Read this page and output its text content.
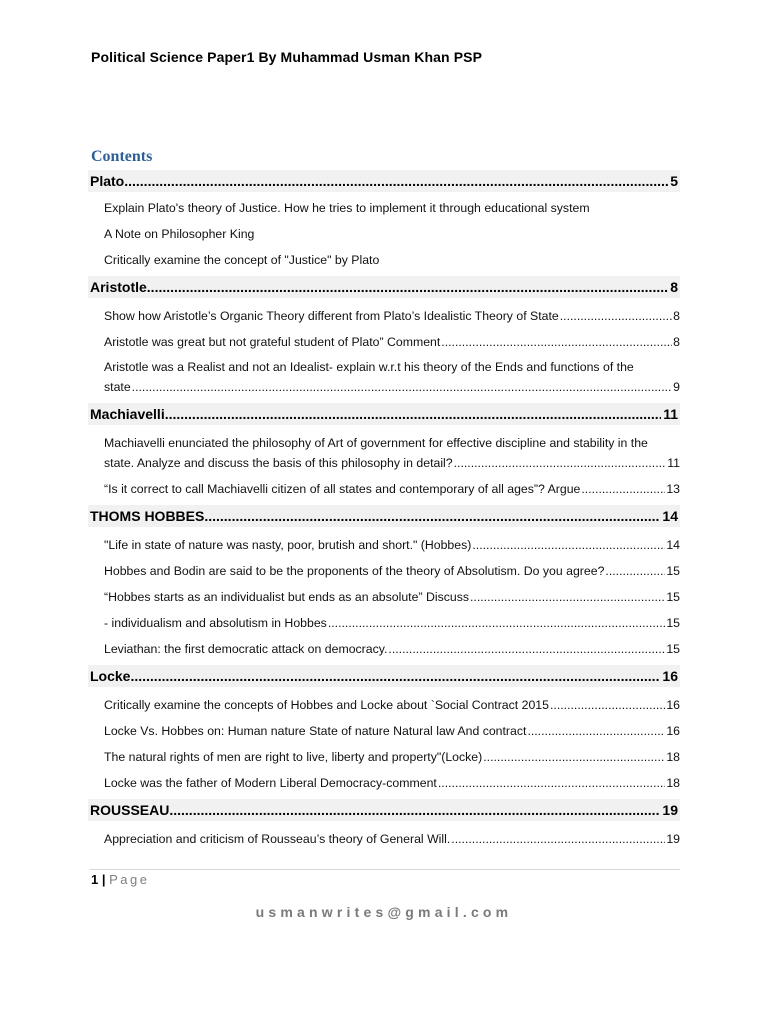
Political Science Paper1 By Muhammad Usman Khan PSP
Contents
Plato .....	5
Explain Plato's theory of Justice. How he tries to implement it through educational system
A Note on Philosopher King
Critically examine the concept of "Justice" by Plato
Aristotle .....	8
Show how Aristotle’s Organic Theory different from Plato’s Idealistic Theory of State .....	8
Aristotle was great but not grateful student of Plato” Comment .....	8
Aristotle was a Realist and not an Idealist- explain w.r.t his theory of the Ends and functions of the
state .....	9
Machiavelli .....	11
Machiavelli enunciated the philosophy of Art of government for effective discipline and stability in the
state. Analyze and discuss the basis of this philosophy in detail? .....	11
“Is it correct to call Machiavelli citizen of all states and contemporary of all ages”? Argue .....	13
THOMS HOBBES .....	14
"Life in state of nature was nasty, poor, brutish and short." (Hobbes) .....	14
Hobbes and Bodin are said to be the proponents of the theory of Absolutism. Do you agree? .....	15
“Hobbes starts as an individualist but ends as an absolute” Discuss .....	15
- individualism and absolutism in Hobbes .....	15
Leviathan: the first democratic attack on democracy. .....	15
Locke .....	16
Critically examine the concepts of Hobbes and Locke about `Social Contract 2015 .....	16
Locke Vs. Hobbes on: Human nature State of nature Natural law And contract .....	16
The natural rights of men are right to live, liberty and property"(Locke) .....	18
Locke was the father of Modern Liberal Democracy-comment .....	18
ROUSSEAU .....	19
Appreciation and criticism of Rousseau’s theory of General Will. .....	19
1 | Page
usmanwrites@gmail.com
